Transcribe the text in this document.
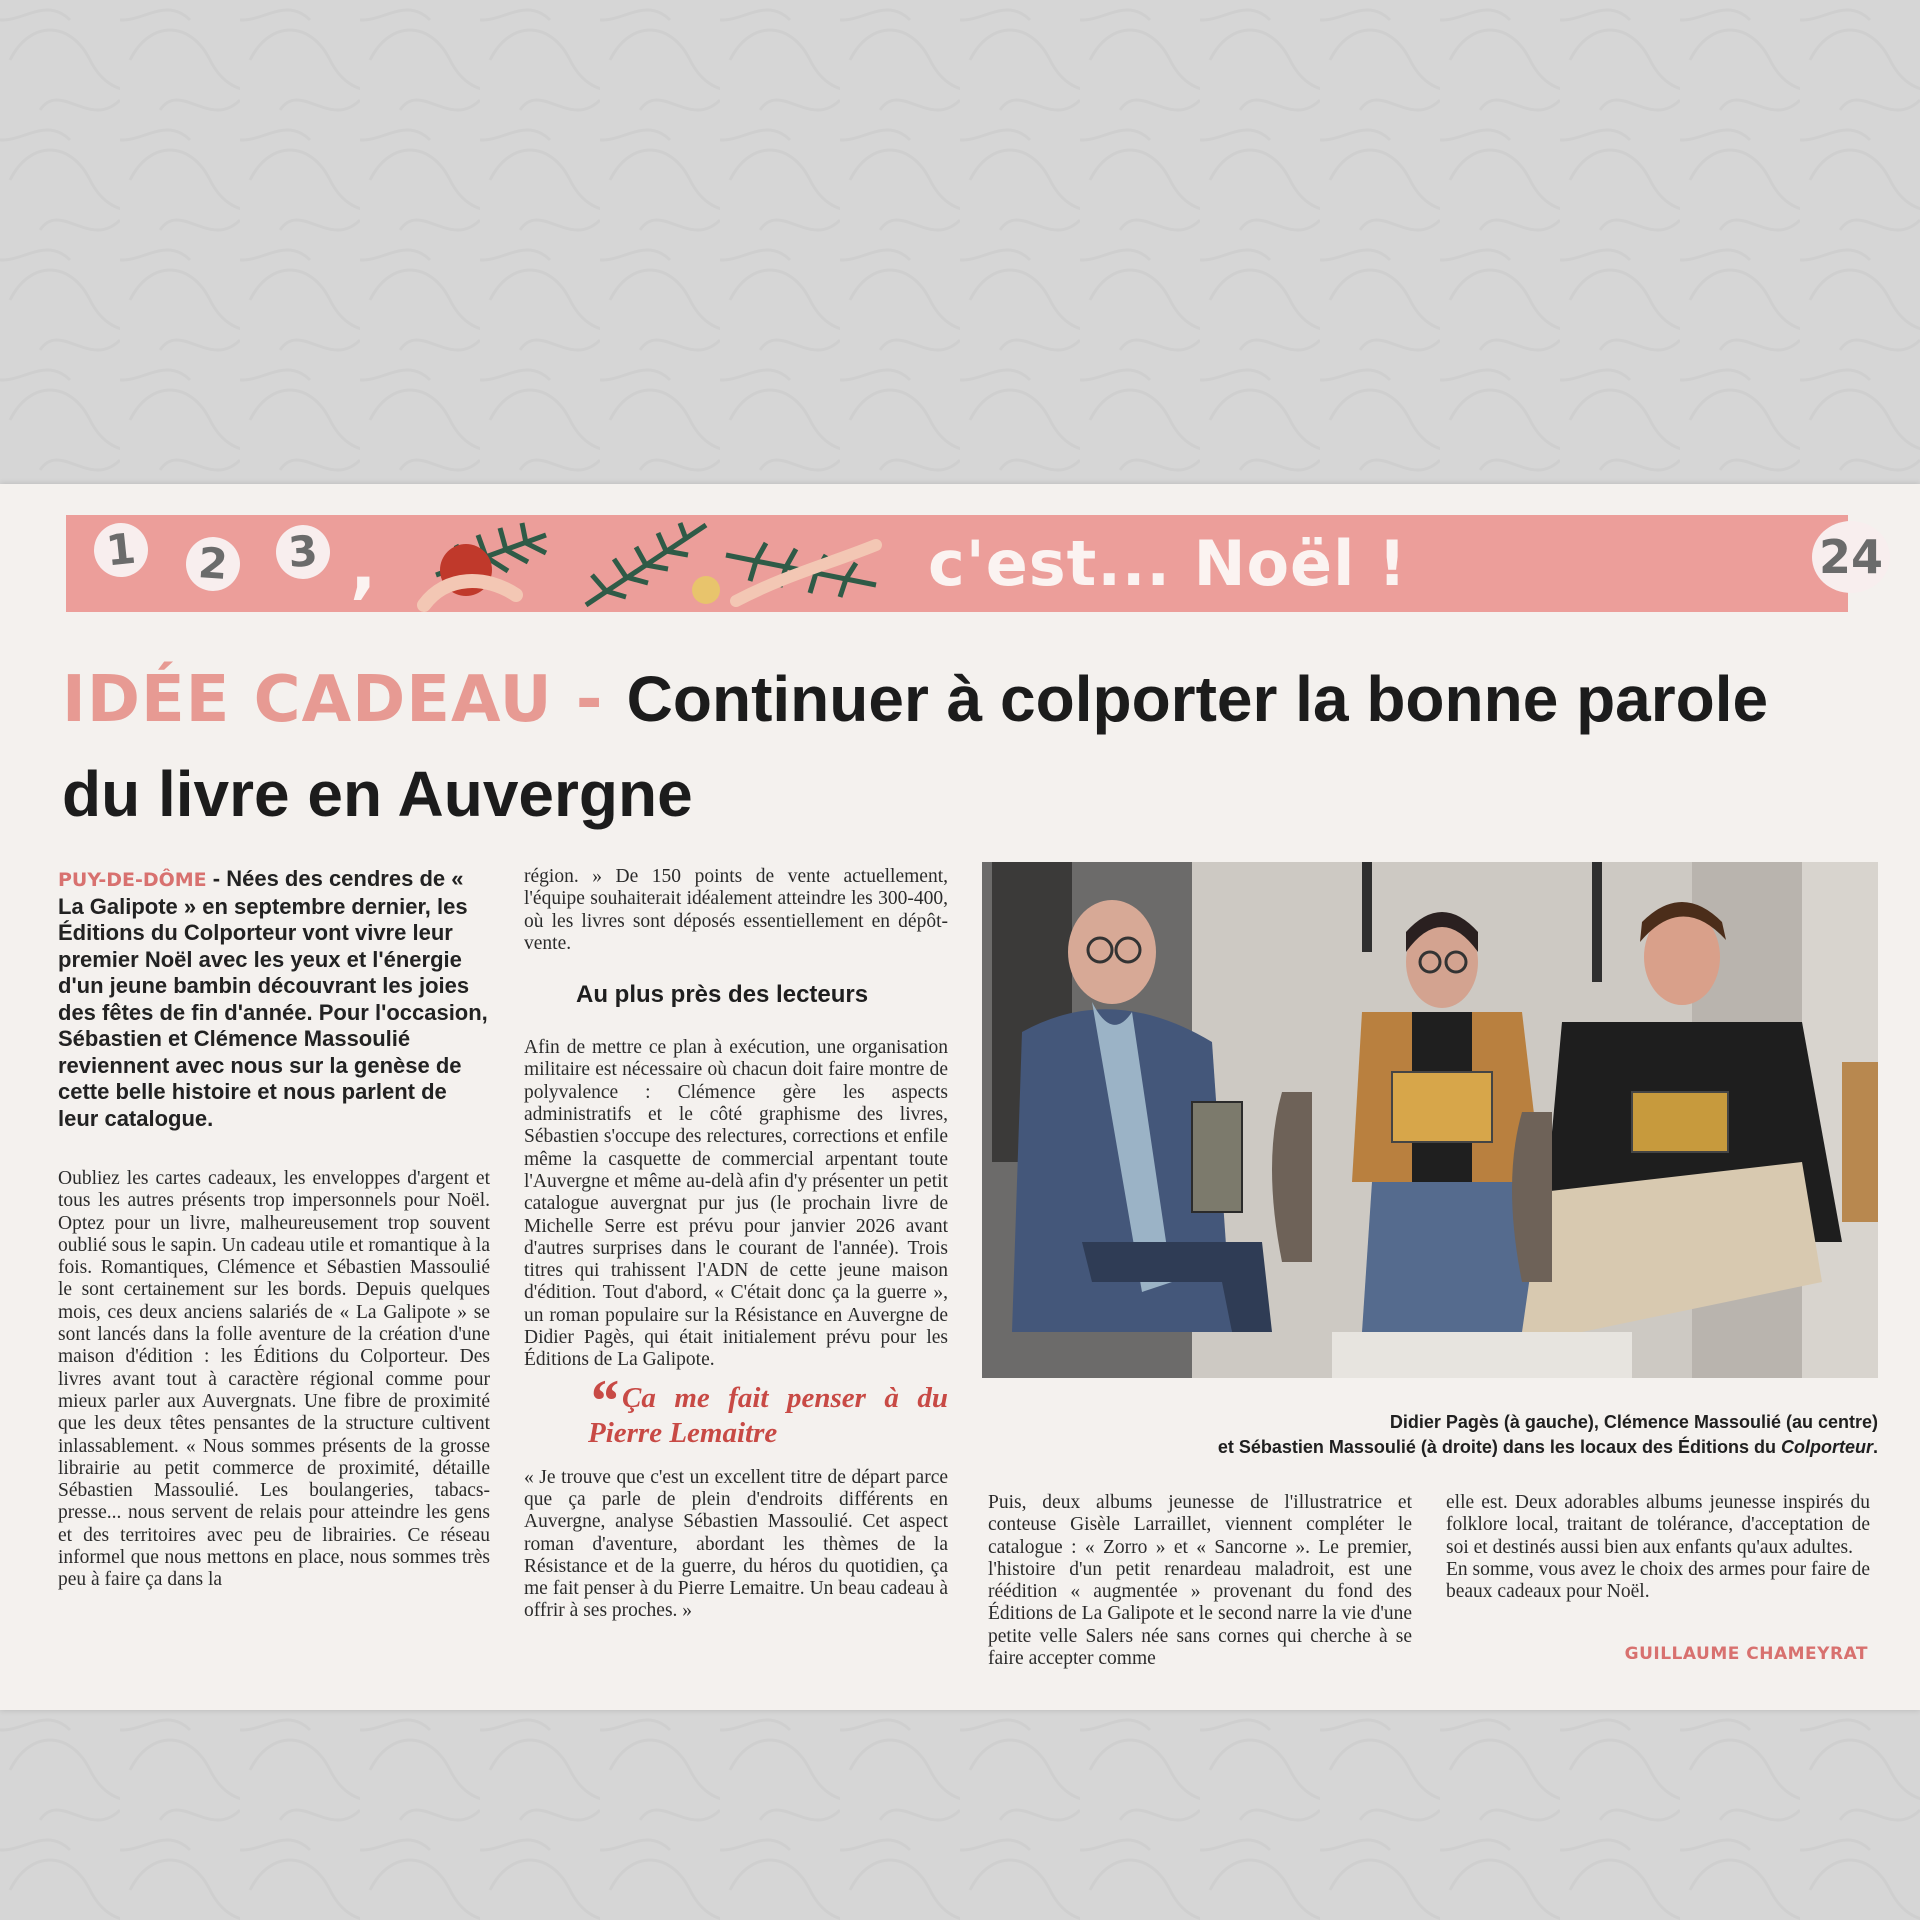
1	2 3 ,	c'est... Noël !	24
IDÉE CADEAU - Continuer à colporter la bonne parole du livre en Auvergne

PUY-DE-DÔME - Nées des cendres de « La Galipote » en septembre dernier, les Éditions du Colporteur vont vivre leur premier Noël avec les yeux et l'énergie d'un jeune bambin découvrant les joies des fêtes de fin d'année. Pour l'occasion, Sébastien et Clémence Massoulié reviennent avec nous sur la genèse de cette belle histoire et nous parlent de leur catalogue.

Oubliez les cartes cadeaux, les enveloppes d'argent et tous les autres présents trop impersonnels pour Noël. Optez pour un livre, malheureusement trop souvent oublié sous le sapin. Un cadeau utile et romantique à la fois. Romantiques, Clémence et Sébastien Massoulié le sont certainement sur les bords. Depuis quelques mois, ces deux anciens salariés de « La Galipote » se sont lancés dans la folle aventure de la création d'une maison d'édition : les Éditions du Colporteur. Des livres avant tout à caractère régional comme pour mieux parler aux Auvergnats. Une fibre de proximité que les deux têtes pensantes de la structure cultivent inlassablement. « Nous sommes présents de la grosse librairie au petit commerce de proximité, détaille Sébastien Massoulié. Les boulangeries, tabacs- presse... nous servent de relais pour atteindre les gens et des territoires avec peu de librairies. Ce réseau informel que nous mettons en place, nous sommes très peu à faire ça dans la

région. » De 150 points de vente actuellement, l'équipe souhaiterait idéalement atteindre les 300-400, où les livres sont déposés essentiellement en dépôt-vente.

Au plus près des lecteurs

Afin de mettre ce plan à exécution, une organisation militaire est nécessaire où chacun doit faire montre de polyvalence : Clémence gère les aspects administratifs et le côté graphisme des livres, Sébastien s'occupe des relectures, corrections et enfile même la casquette de commercial arpentant toute l'Auvergne et même au-delà afin d'y présenter un petit catalogue auvergnat pur jus (le prochain livre de Michelle Serre est prévu pour janvier 2026 avant d'autres surprises dans le courant de l'année). Trois titres qui trahissent l'ADN de cette jeune maison d'édition. Tout d'abord, « C'était donc ça la guerre », un roman populaire sur la Résistance en Auvergne de Didier Pagès, qui était initialement prévu pour les Éditions de La Galipote.

“ Ça me fait penser à du Pierre Lemaitre

« Je trouve que c'est un excellent titre de départ parce que ça parle de plein d'endroits différents en Auvergne, analyse Sébastien Massoulié. Cet aspect roman d'aventure, abordant les thèmes de la Résistance et de la guerre, du héros du quotidien, ça me fait penser à du Pierre Lemaitre. Un beau cadeau à offrir à ses proches. »

Didier Pagès (à gauche), Clémence Massoulié (au centre)
et Sébastien Massoulié (à droite) dans les locaux des Éditions du Colporteur.

Puis, deux albums jeunesse de l'illustratrice et conteuse Gisèle Larraillet, viennent compléter le catalogue : « Zorro » et « Sancorne ». Le premier, l'histoire d'un petit renardeau maladroit, est une réédition « augmentée » provenant du fond des Éditions de La Galipote et le second narre la vie d'une petite velle Salers née sans cornes qui cherche à se faire accepter comme

elle est. Deux adorables albums jeunesse inspirés du folklore local, traitant de tolérance, d'acceptation de soi et destinés aussi bien aux enfants qu'aux adultes.

En somme, vous avez le choix des armes pour faire de beaux cadeaux pour Noël.

GUILLAUME CHAMEYRAT
